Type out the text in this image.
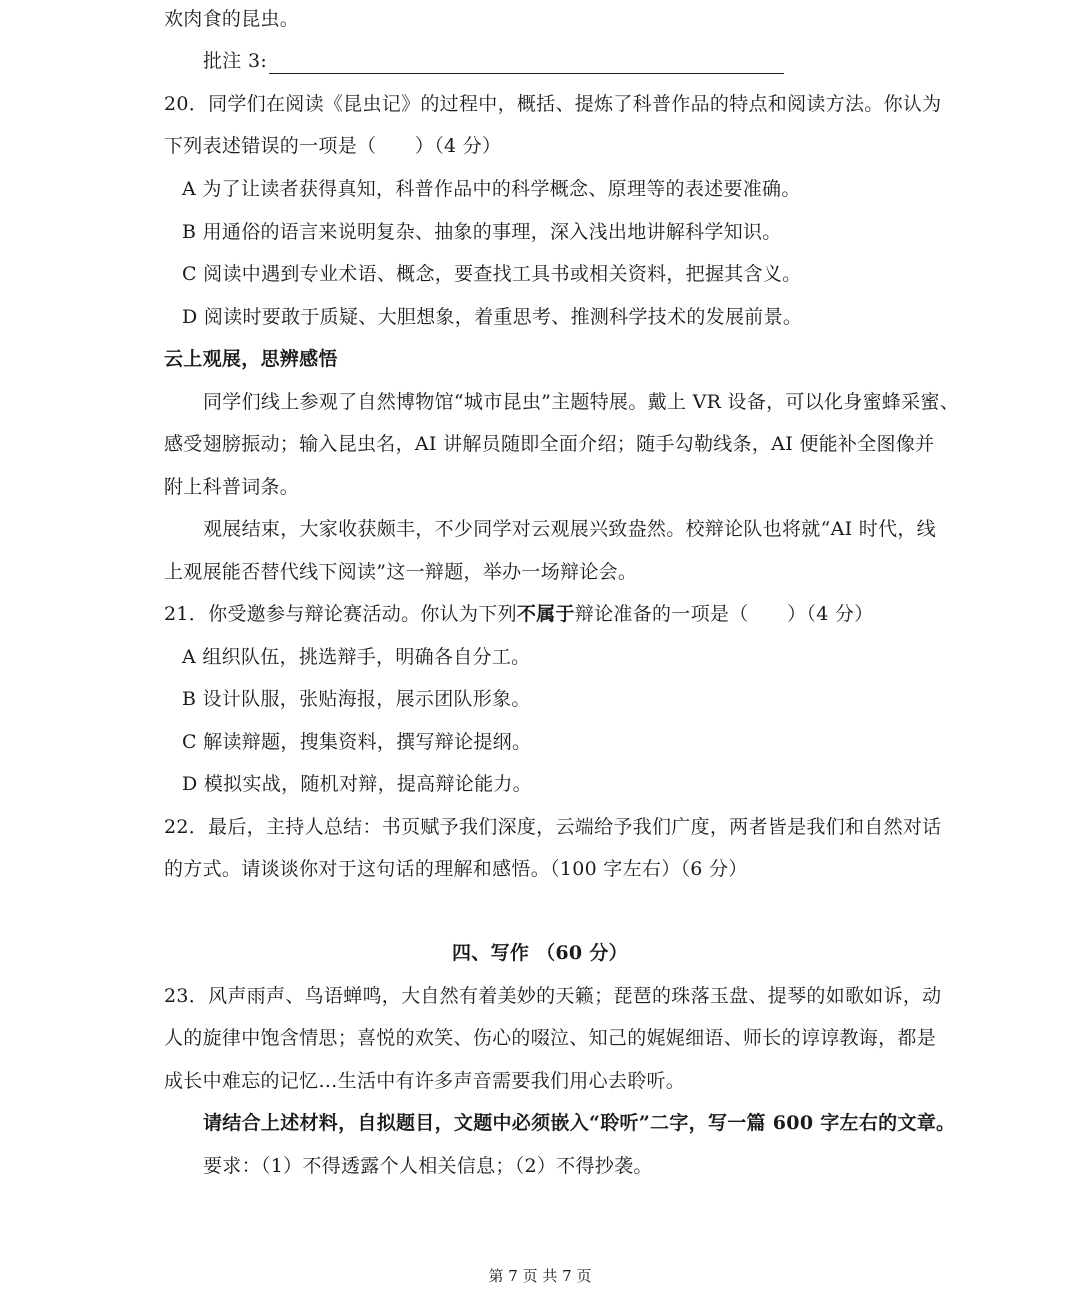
欢肉食的昆虫。
批注 3:
20．同学们在阅读《昆虫记》的过程中，概括、提炼了科普作品的特点和阅读方法。你认为
下列表述错误的一项是（　　）（4 分）
A 为了让读者获得真知，科普作品中的科学概念、原理等的表述要准确。
B 用通俗的语言来说明复杂、抽象的事理，深入浅出地讲解科学知识。
C 阅读中遇到专业术语、概念，要查找工具书或相关资料，把握其含义。
D 阅读时要敢于质疑、大胆想象，着重思考、推测科学技术的发展前景。
云上观展，思辨感悟
同学们线上参观了自然博物馆“城市昆虫”主题特展。戴上 VR 设备，可以化身蜜蜂采蜜、
感受翅膀振动；输入昆虫名，AI 讲解员随即全面介绍；随手勾勒线条，AI 便能补全图像并
附上科普词条。
观展结束，大家收获颇丰，不少同学对云观展兴致盎然。校辩论队也将就“AI 时代，线
上观展能否替代线下阅读”这一辩题，举办一场辩论会。
21．你受邀参与辩论赛活动。你认为下列不属于辩论准备的一项是（　　）（4 分）
A 组织队伍，挑选辩手，明确各自分工。
B 设计队服，张贴海报，展示团队形象。
C 解读辩题，搜集资料，撰写辩论提纲。
D 模拟实战，随机对辩，提高辩论能力。
22．最后，主持人总结：书页赋予我们深度，云端给予我们广度，两者皆是我们和自然对话
的方式。请谈谈你对于这句话的理解和感悟。（100 字左右）（6 分）
四、写作 （60 分）
23．风声雨声、鸟语蝉鸣，大自然有着美妙的天籁；琵琶的珠落玉盘、提琴的如歌如诉，动
人的旋律中饱含情思；喜悦的欢笑、伤心的啜泣、知己的娓娓细语、师长的谆谆教诲，都是
成长中难忘的记忆…生活中有许多声音需要我们用心去聆听。
请结合上述材料，自拟题目，文题中必须嵌入“聆听”二字，写一篇 600 字左右的文章。
要求：（1）不得透露个人相关信息；（2）不得抄袭。
第 7 页 共 7 页
